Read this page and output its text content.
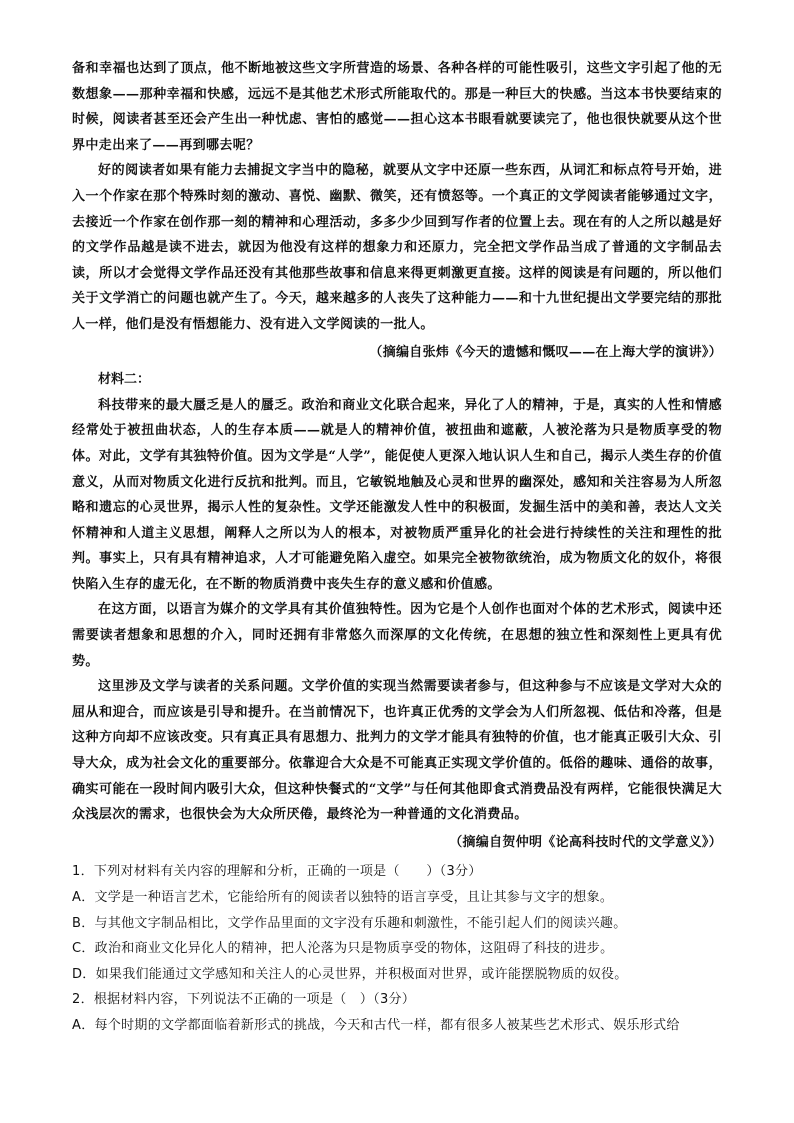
备和幸福也达到了顶点，他不断地被这些文字所营造的场景、各种各样的可能性吸引，这些文字引起了他的无数想象——那种幸福和快感，远远不是其他艺术形式所能取代的。那是一种巨大的快感。当这本书快要结束的时候，阅读者甚至还会产生出一种忧虑、害怕的感觉——担心这本书眼看就要读完了，他也很快就要从这个世界中走出来了——再到哪去呢？

好的阅读者如果有能力去捕捉文字当中的隐秘，就要从文字中还原一些东西，从词汇和标点符号开始，进入一个作家在那个特殊时刻的激动、喜悦、幽默、微笑，还有愤怒等。一个真正的文学阅读者能够通过文字，去接近一个作家在创作那一刻的精神和心理活动，多多少少回到写作者的位置上去。现在有的人之所以越是好的文学作品越是读不进去，就因为他没有这样的想象力和还原力，完全把文学作品当成了普通的文字制品去读，所以才会觉得文学作品还没有其他那些故事和信息来得更刺激更直接。这样的阅读是有问题的，所以他们关于文学消亡的问题也就产生了。今天，越来越多的人丧失了这种能力——和十九世纪提出文学要完结的那批人一样，他们是没有悟想能力、没有进入文学阅读的一批人。

（摘编自张炜《今天的遗憾和慨叹——在上海大学的演讲》）

材料二：

科技带来的最大蜃乏是人的蜃乏。政治和商业文化联合起来，异化了人的精神，于是，真实的人性和情感经常处于被扭曲状态，人的生存本质——就是人的精神价值，被扭曲和遮蔽，人被沦落为只是物质享受的物体。对此，文学有其独特价值。因为文学是“人学”，能促使人更深入地认识人生和自己，揭示人类生存的价值意义，从而对物质文化进行反抗和批判。而且，它敏锐地触及心灵和世界的幽深处，感知和关注容易为人所忽略和遗忘的心灵世界，揭示人性的复杂性。文学还能激发人性中的积极面，发掘生活中的美和善，表达人文关怀精神和人道主义思想，阐释人之所以为人的根本，对被物质严重异化的社会进行持续性的关注和理性的批判。事实上，只有具有精神追求，人才可能避免陷入虚空。如果完全被物欲统治，成为物质文化的奴仆，将很快陷入生存的虚无化，在不断的物质消费中丧失生存的意义感和价值感。

在这方面，以语言为媒介的文学具有其价值独特性。因为它是个人创作也面对个体的艺术形式，阅读中还需要读者想象和思想的介入，同时还拥有非常悠久而深厚的文化传统，在思想的独立性和深刻性上更具有优势。

这里涉及文学与读者的关系问题。文学价值的实现当然需要读者参与，但这种参与不应该是文学对大众的屈从和迎合，而应该是引导和提升。在当前情况下，也许真正优秀的文学会为人们所忽视、低估和冷落，但是这种方向却不应该改变。只有真正具有思想力、批判力的文学才能具有独特的价值，也才能真正吸引大众、引导大众，成为社会文化的重要部分。依靠迎合大众是不可能真正实现文学价值的。低俗的趣味、通俗的故事，确实可能在一段时间内吸引大众，但这种快餐式的“文学”与任何其他即食式消费品没有两样，它能很快满足大众浅层次的需求，也很快会为大众所厌倦，最终沦为一种普通的文化消费品。

（摘编自贺仲明《论高科技时代的文学意义》）

1．下列对材料有关内容的理解和分析，正确的一项是（　　）（3分）

A．文学是一种语言艺术，它能给所有的阅读者以独特的语言享受，且让其参与文字的想象。

B．与其他文字制品相比，文学作品里面的文字没有乐趣和刺激性，不能引起人们的阅读兴趣。

C．政治和商业文化异化人的精神，把人沦落为只是物质享受的物体，这阻碍了科技的进步。

D．如果我们能通过文学感知和关注人的心灵世界，并积极面对世界，或许能摆脱物质的奴役。

2．根据材料内容，下列说法不正确的一项是（　）（3分）

A．每个时期的文学都面临着新形式的挑战，今天和古代一样，都有很多人被某些艺术形式、娱乐形式给
